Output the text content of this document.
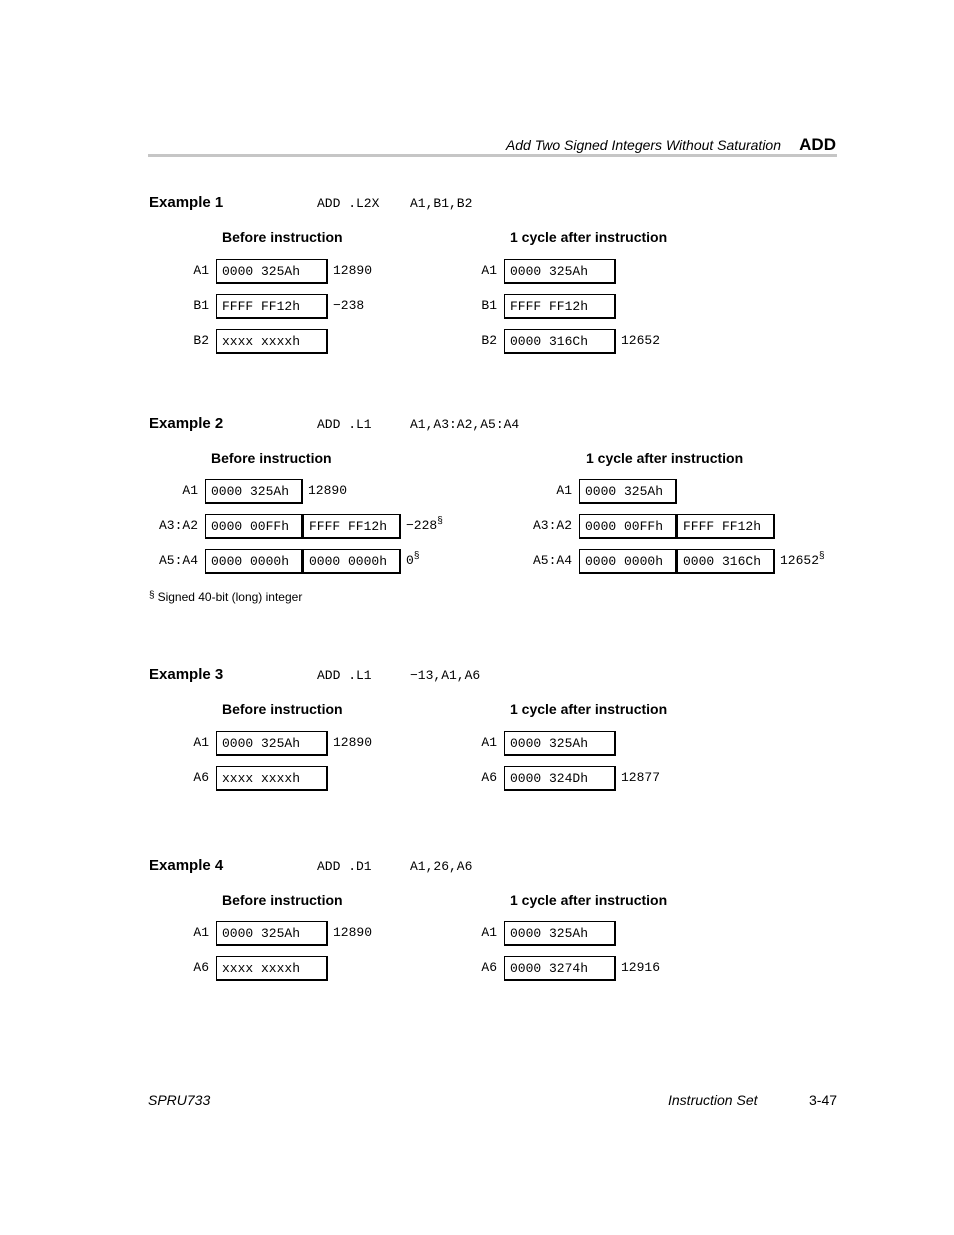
Add Two Signed Integers Without Saturation ADD
Example 1	ADD .L2X A1,B1,B2
Before instruction	1 cycle after instruction
A1	0000 325Ah	12890
B1	FFFF FF12h	−238
B2	xxxx xxxxh
A1	0000 325Ah
B1	FFFF FF12h
B2	0000 316Ch	12652
Example 2	ADD .L1	A1,A3:A2,A5:A4
Before instruction	1 cycle after instruction
A1	0000 325Ah	12890
A3:A2	0000 00FFh	FFFF FF12h	−228§
A5:A4	0000 0000h	0000 0000h	0§
A1	0000 325Ah
A3:A2	0000 00FFh	FFFF FF12h
A5:A4	0000 0000h	0000 316Ch	12652§
§ Signed 40-bit (long) integer
Example 3	ADD .L1	−13,A1,A6
Before instruction	1 cycle after instruction
A1	0000 325Ah	12890
A6	xxxx xxxxh
A1	0000 325Ah
A6	0000 324Dh	12877
Example 4	ADD .D1	A1,26,A6
Before instruction	1 cycle after instruction
A1	0000 325Ah	12890
A6	xxxx xxxxh
A1	0000 325Ah
A6	0000 3274h	12916
SPRU733	Instruction Set	3-47
